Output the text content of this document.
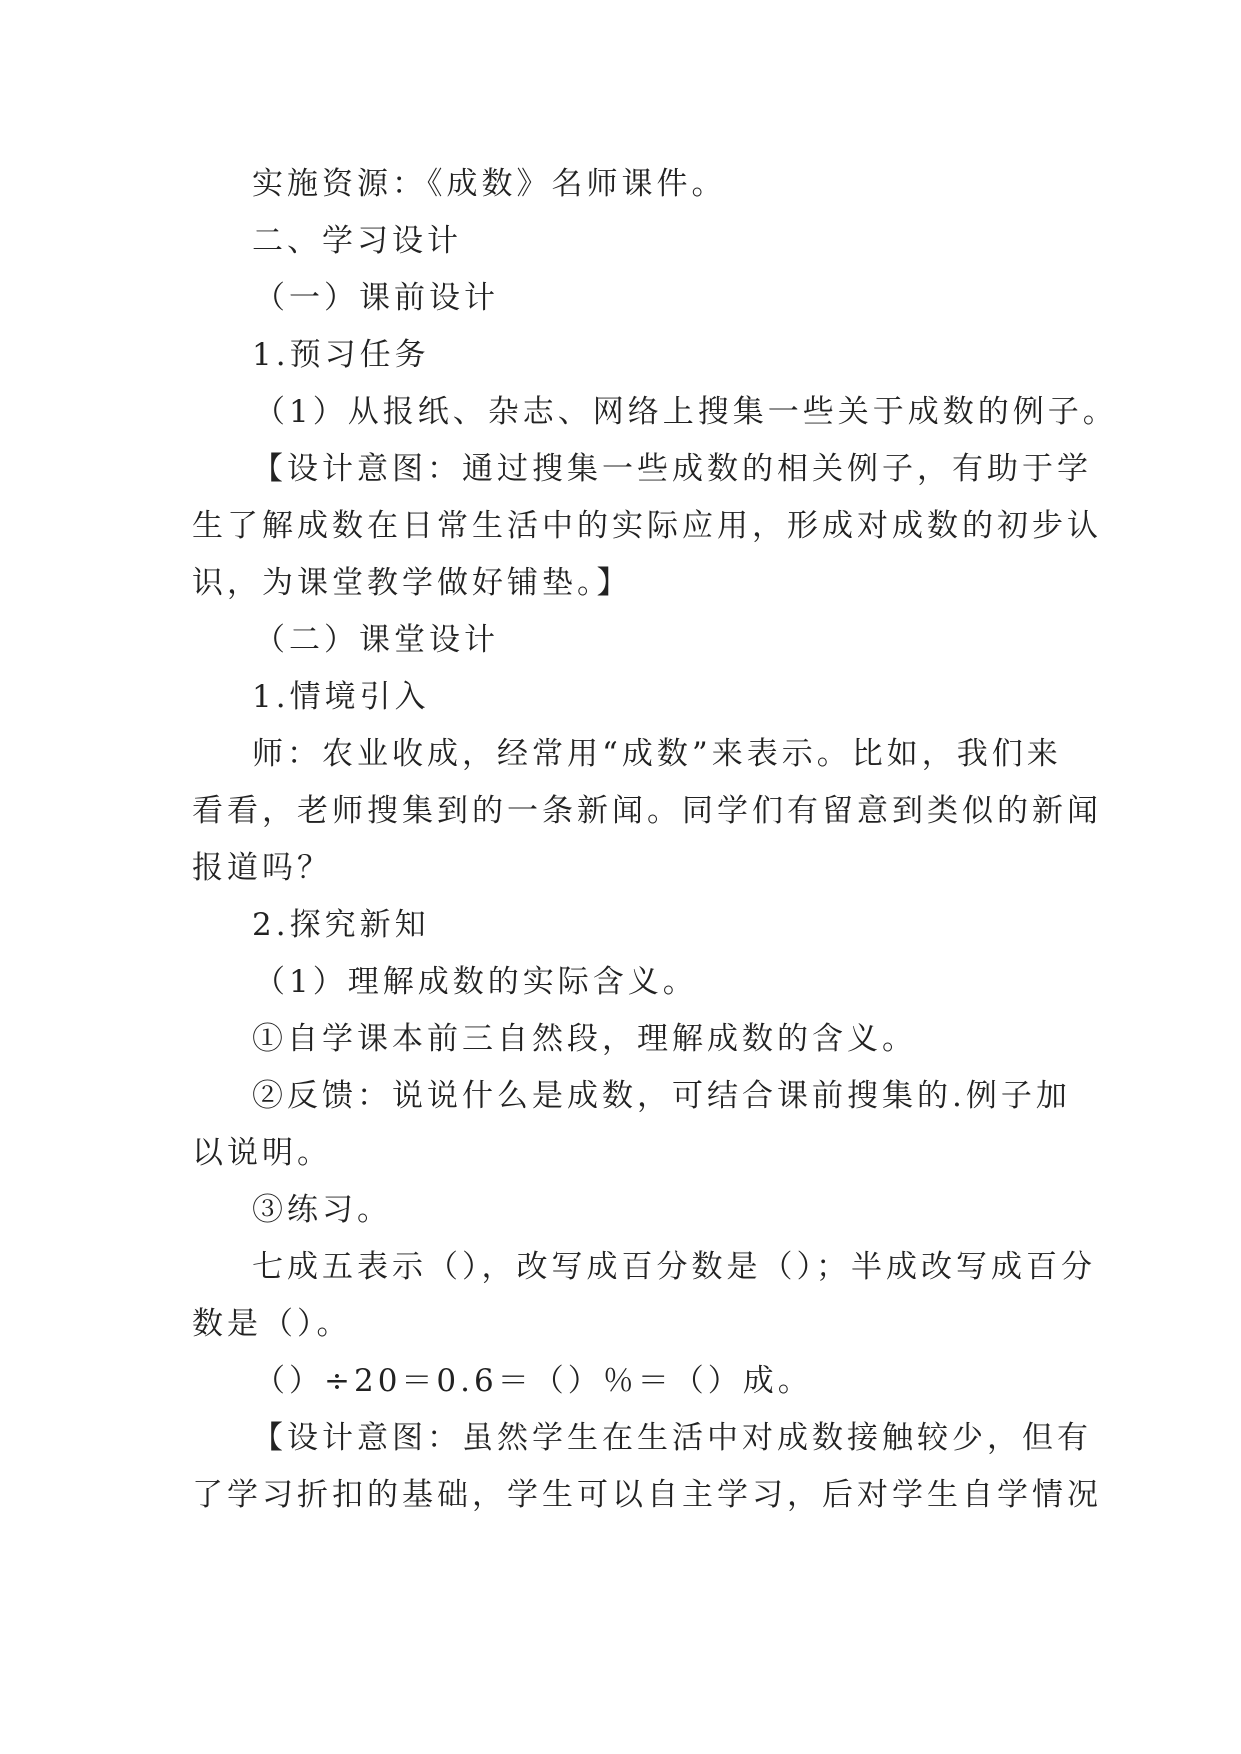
实施资源：《成数》名师课件。
二、学习设计
（一）课前设计
1.预习任务
（1）从报纸、杂志、网络上搜集一些关于成数的例子。
【设计意图：通过搜集一些成数的相关例子，有助于学
生了解成数在日常生活中的实际应用，形成对成数的初步认
识，为课堂教学做好铺垫。】
（二）课堂设计
1.情境引入
师：农业收成，经常用“成数”来表示。比如，我们来
看看，老师搜集到的一条新闻。同学们有留意到类似的新闻
报道吗？
2.探究新知
（1）理解成数的实际含义。
①自学课本前三自然段，理解成数的含义。
②反馈：说说什么是成数，可结合课前搜集的.例子加
以说明。
③练习。
七成五表示（），改写成百分数是（）；半成改写成百分
数是（）。
（）÷20＝0.6＝（）％＝（）成。
【设计意图：虽然学生在生活中对成数接触较少，但有
了学习折扣的基础，学生可以自主学习，后对学生自学情况
